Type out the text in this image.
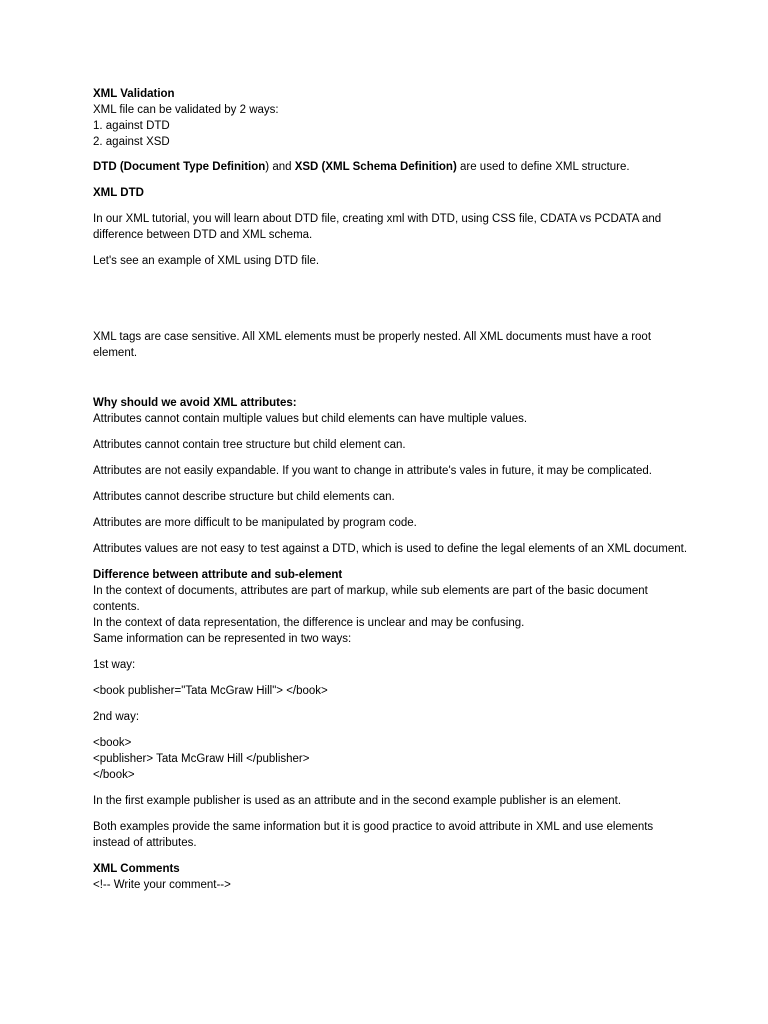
XML Validation
XML file can be validated by 2 ways:
1. against DTD
2. against XSD
DTD (Document Type Definition) and XSD (XML Schema Definition) are used to define XML structure.
XML DTD
In our XML tutorial, you will learn about DTD file, creating xml with DTD, using CSS file, CDATA vs PCDATA and difference between DTD and XML schema.
Let's see an example of XML using DTD file.
XML tags are case sensitive. All XML elements must be properly nested. All XML documents must have a root element.
Why should we avoid XML attributes:
Attributes cannot contain multiple values but child elements can have multiple values.
Attributes cannot contain tree structure but child element can.
Attributes are not easily expandable. If you want to change in attribute's vales in future, it may be complicated.
Attributes cannot describe structure but child elements can.
Attributes are more difficult to be manipulated by program code.
Attributes values are not easy to test against a DTD, which is used to define the legal elements of an XML document.
Difference between attribute and sub-element
In the context of documents, attributes are part of markup, while sub elements are part of the basic document contents.
In the context of data representation, the difference is unclear and may be confusing.
Same information can be represented in two ways:
1st way:
<book publisher="Tata McGraw Hill"> </book>
2nd way:
<book>
<publisher> Tata McGraw Hill </publisher>
</book>
In the first example publisher is used as an attribute and in the second example publisher is an element.
Both examples provide the same information but it is good practice to avoid attribute in XML and use elements instead of attributes.
XML Comments
<!-- Write your comment-->
